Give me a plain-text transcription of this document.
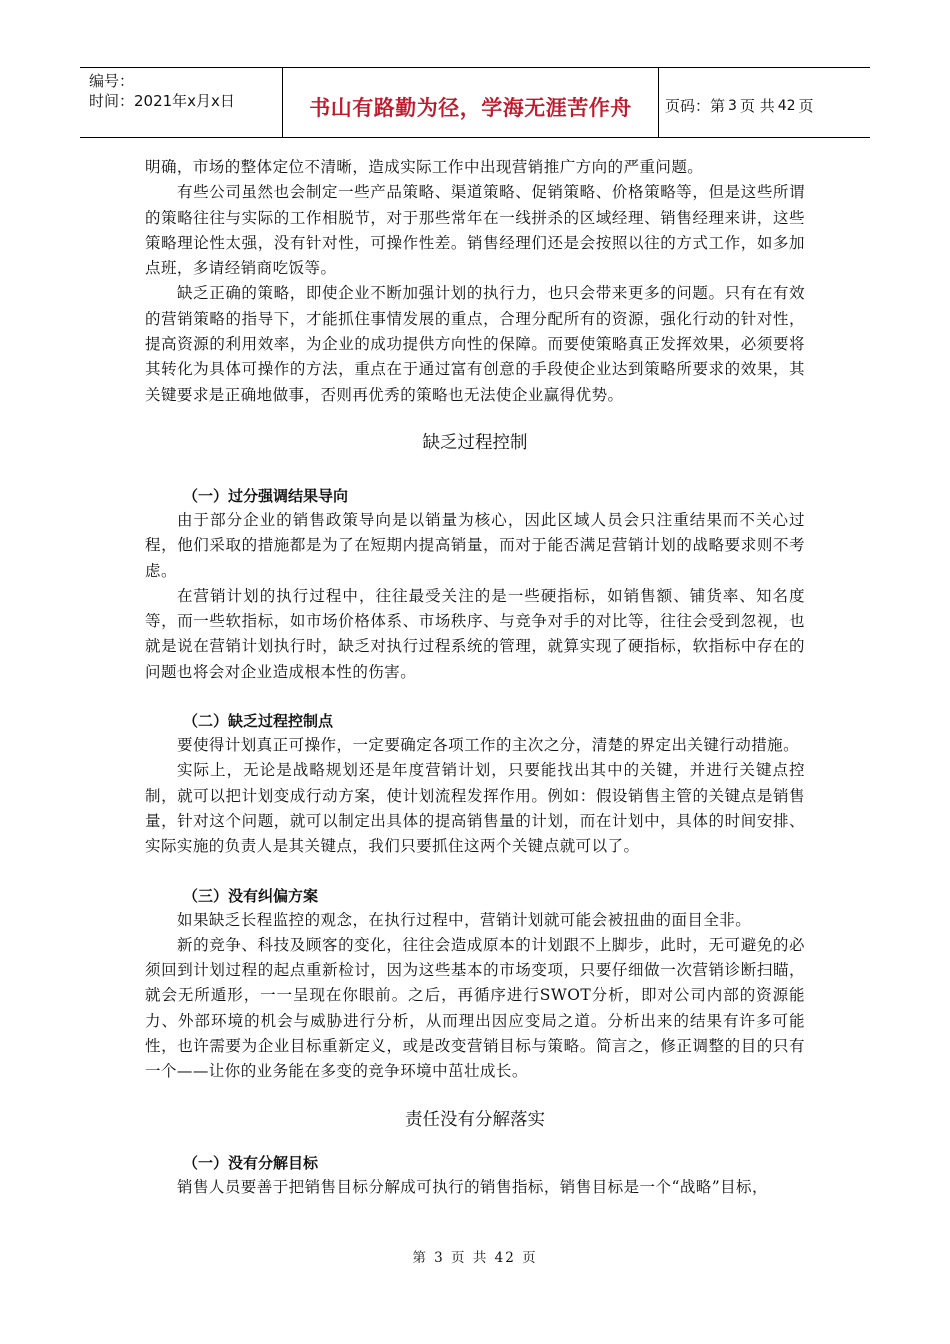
编号：
时间：2021年x月x日	书山有路勤为径，学海无涯苦作舟 页码：第 3 页 共 42 页

明确，市场的整体定位不清晰，造成实际工作中出现营销推广方向的严重问题。

有些公司虽然也会制定一些产品策略、渠道策略、促销策略、价格策略等，但是这些所谓的策略往往与实际的工作相脱节，对于那些常年在一线拼杀的区域经理、销售经理来讲，这些策略理论性太强，没有针对性，可操作性差。销售经理们还是会按照以往的方式工作，如多加点班，多请经销商吃饭等。

缺乏正确的策略，即使企业不断加强计划的执行力，也只会带来更多的问题。只有在有效的营销策略的指导下，才能抓住事情发展的重点，合理分配所有的资源，强化行动的针对性，提高资源的利用效率，为企业的成功提供方向性的保障。而要使策略真正发挥效果，必须要将其转化为具体可操作的方法，重点在于通过富有创意的手段使企业达到策略所要求的效果，其关键要求是正确地做事，否则再优秀的策略也无法使企业赢得优势。

缺乏过程控制
（一）过分强调结果导向

由于部分企业的销售政策导向是以销量为核心，因此区域人员会只注重结果而不关心过程，他们采取的措施都是为了在短期内提高销量，而对于能否满足营销计划的战略要求则不考虑。

在营销计划的执行过程中，往往最受关注的是一些硬指标，如销售额、铺货率、知名度等，而一些软指标，如市场价格体系、市场秩序、与竞争对手的对比等，往往会受到忽视，也就是说在营销计划执行时，缺乏对执行过程系统的管理，就算实现了硬指标，软指标中存在的问题也将会对企业造成根本性的伤害。

（二）缺乏过程控制点

要使得计划真正可操作，一定要确定各项工作的主次之分，清楚的界定出关键行动措施。

实际上，无论是战略规划还是年度营销计划，只要能找出其中的关键，并进行关键点控制，就可以把计划变成行动方案，使计划流程发挥作用。例如：假设销售主管的关键点是销售量，针对这个问题，就可以制定出具体的提高销售量的计划，而在计划中，具体的时间安排、实际实施的负责人是其关键点，我们只要抓住这两个关键点就可以了。

（三）没有纠偏方案

如果缺乏长程监控的观念，在执行过程中，营销计划就可能会被扭曲的面目全非。

新的竞争、科技及顾客的变化，往往会造成原本的计划跟不上脚步，此时，无可避免的必须回到计划过程的起点重新检讨，因为这些基本的市场变项，只要仔细做一次营销诊断扫瞄，就会无所遁形，一一呈现在你眼前。之后，再循序进行SWOT分析，即对公司内部的资源能力、外部环境的机会与威胁进行分析，从而理出因应变局之道。分析出来的结果有许多可能性，也许需要为企业目标重新定义，或是改变营销目标与策略。简言之，修正调整的目的只有一个——让你的业务能在多变的竞争环境中茁壮成长。

责任没有分解落实
（一）没有分解目标

销售人员要善于把销售目标分解成可执行的销售指标，销售目标是一个“战略”目标，

第 3 页 共 42 页
